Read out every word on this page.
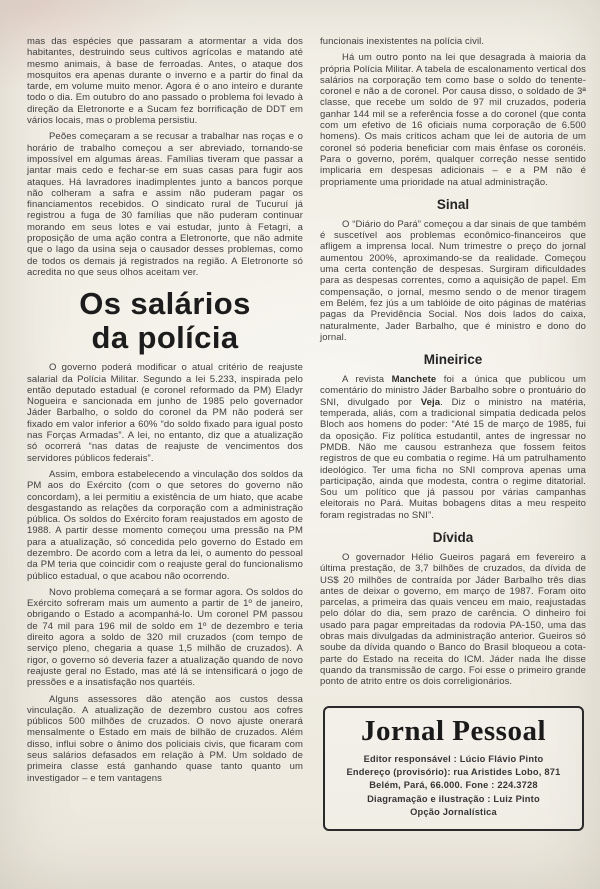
mas das espécies que passaram a atormentar a vida dos habitantes, destruindo seus cultivos agrícolas e matando até mesmo animais, à base de ferroadas. Antes, o ataque dos mosquitos era apenas durante o inverno e a partir do final da tarde, em volume muito menor. Agora é o ano inteiro e durante todo o dia. Em outubro do ano passado o problema foi levado à direção da Eletronorte e a Sucam fez borrificação de DDT em vários locais, mas o problema persistiu.

Peões começaram a se recusar a trabalhar nas roças e o horário de trabalho começou a ser abreviado, tornando-se impossível em algumas áreas. Famílias tiveram que passar a jantar mais cedo e fechar-se em suas casas para fugir aos ataques. Há lavradores inadimplentes junto a bancos porque não colheram a safra e assim não puderam pagar os financiamentos recebidos. O sindicato rural de Tucuruí já registrou a fuga de 30 famílias que não puderam continuar morando em seus lotes e vai estudar, junto à Fetagri, a proposição de uma ação contra a Eletronorte, que não admite que o lago da usina seja o causador desses problemas, como de todos os demais já registrados na região. A Eletronorte só acredita no que seus olhos aceitam ver.

Os salários
da polícia

O governo poderá modificar o atual critério de reajuste salarial da Polícia Militar. Segundo a lei 5.233, inspirada pelo então deputado estadual (e coronel reformado da PM) Eladyr Nogueira e sancionada em junho de 1985 pelo governador Jáder Barbalho, o soldo do coronel da PM não poderá ser fixado em valor inferior a 60% “do soldo fixado para igual posto nas Forças Armadas”. A lei, no entanto, diz que a atualização só ocorrerá “nas datas de reajuste de vencimentos dos servidores públicos federais”.

Assim, embora estabelecendo a vinculação dos soldos da PM aos do Exército (com o que setores do governo não concordam), a lei permitiu a existência de um hiato, que acabe desgastando as relações da corporação com a administração pública. Os soldos do Exército foram reajustados em agosto de 1988. A partir desse momento começou uma pressão na PM para a atualização, só concedida pelo governo do Estado em dezembro. De acordo com a letra da lei, o aumento do pessoal da PM teria que coincidir com o reajuste geral do funcionalismo público estadual, o que acabou não ocorrendo.

Novo problema começará a se formar agora. Os soldos do Exército sofreram mais um aumento a partir de 1º de janeiro, obrigando o Estado a acompanhá-lo. Um coronel PM passou de 74 mil para 196 mil de soldo em 1º de dezembro e teria direito agora a soldo de 320 mil cruzados (com tempo de serviço pleno, chegaria a quase 1,5 milhão de cruzados). A rigor, o governo só deveria fazer a atualização quando de novo reajuste geral no Estado, mas até lá se intensificará o jogo de pressões e a insatisfação nos quartéis.

Alguns assessores dão atenção aos custos dessa vinculação. A atualização de dezembro custou aos cofres públicos 500 milhões de cruzados. O novo ajuste onerará mensalmente o Estado em mais de bilhão de cruzados. Além disso, influi sobre o ânimo dos policiais civis, que ficaram com seus salários defasados em relação à PM. Um soldado de primeira classe está ganhando quase tanto quanto um investigador – e tem vantagens

funcionais inexistentes na polícia civil.

Há um outro ponto na lei que desagrada à maioria da própria Polícia Militar. A tabela de escalonamento vertical dos salários na corporação tem como base o soldo do tenente-coronel e não a de coronel. Por causa disso, o soldado de 3ª classe, que recebe um soldo de 97 mil cruzados, poderia ganhar 144 mil se a referência fosse a do coronel (que conta com um efetivo de 16 oficiais numa corporação de 6.500 homens). Os mais críticos acham que lei de autoria de um coronel só poderia beneficiar com mais ênfase os coronéis. Para o governo, porém, qualquer correção nesse sentido implicaria em despesas adicionais – e a PM não é propriamente uma prioridade na atual administração.

Sinal

O “Diário do Pará” começou a dar sinais de que também é suscetível aos problemas econômico-financeiros que afligem a imprensa local. Num trimestre o preço do jornal aumentou 200%, aproximando-se da realidade. Começou uma certa contenção de despesas. Surgiram dificuldades para as despesas correntes, como a aquisição de papel. Em compensação, o jornal, mesmo sendo o de menor tiragem em Belém, fez jús a um tablóide de oito páginas de matérias pagas da Previdência Social. Nos dois lados do caixa, naturalmente, Jader Barbalho, que é ministro e dono do jornal.

Mineirice

A revista Manchete foi a única que publicou um comentário do ministro Jáder Barbalho sobre o prontuário do SNI, divulgado por Veja. Diz o ministro na matéria, temperada, aliás, com a tradicional simpatia dedicada pelos Bloch aos homens do poder: “Até 15 de março de 1985, fui da oposição. Fiz política estudantil, antes de ingressar no PMDB. Não me causou estranheza que fossem feitos registros de que eu combatia o regime. Há um patrulhamento ideológico. Ter uma ficha no SNI comprova apenas uma participação, ainda que modesta, contra o regime ditatorial. Sou um político que já passou por várias campanhas eleitorais no Pará. Muitas bobagens ditas a meu respeito foram registradas no SNI”.

Dívida

O governador Hélio Gueiros pagará em fevereiro a última prestação, de 3,7 bilhões de cruzados, da dívida de US$ 20 milhões de contraída por Jáder Barbalho três dias antes de deixar o governo, em março de 1987. Foram oito parcelas, a primeira das quais venceu em maio, reajustadas pelo dólar do dia, sem prazo de carência. O dinheiro foi usado para pagar empreitadas da rodovia PA-150, uma das obras mais divulgadas da administração anterior. Gueiros só soube da dívida quando o Banco do Brasil bloqueou a cota-parte do Estado na receita do ICM. Jáder nada lhe disse quando da transmissão de cargo. Foi esse o primeiro grande ponto de atrito entre os dois correligionários.

Jornal Pessoal
Editor responsável : Lúcio Flávio Pinto
Endereço (provisório): rua Aristides Lobo, 871
Belém, Pará, 66.000. Fone : 224.3728
Diagramação e ilustração : Luiz Pinto
Opção Jornalística
